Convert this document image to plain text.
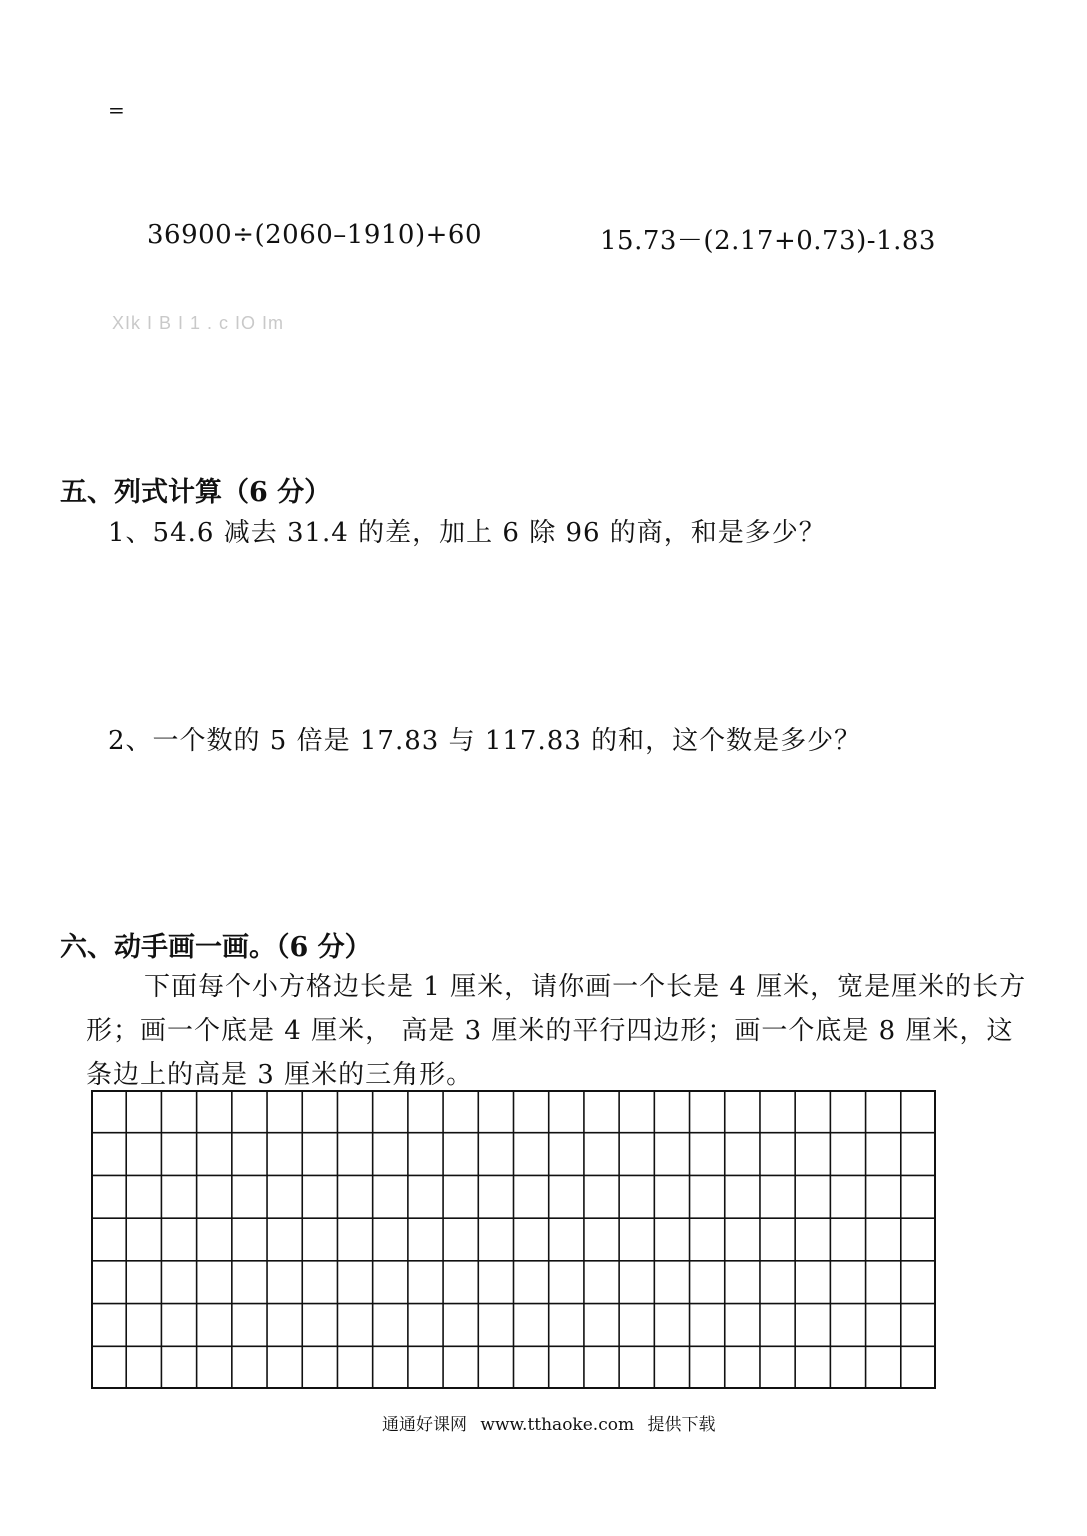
=
36900÷(2060–1910)+60	15.73－(2.17+0.73)-1.83
XIk I B I 1 . c IO Im
五、列式计算（6 分）
1、54.6 减去 31.4 的差，加上 6 除 96 的商，和是多少？
2、一个数的 5 倍是 17.83 与 117.83 的和，这个数是多少？
六、动手画一画。（6 分）
下面每个小方格边长是 1 厘米，请你画一个长是 4 厘米，宽是厘米的长方形；画一个底是 4 厘米， 高是 3 厘米的平行四边形；画一个底是 8 厘米，这条边上的高是 3 厘米的三角形。
通通好课网 www.tthaoke.com 提供下载
